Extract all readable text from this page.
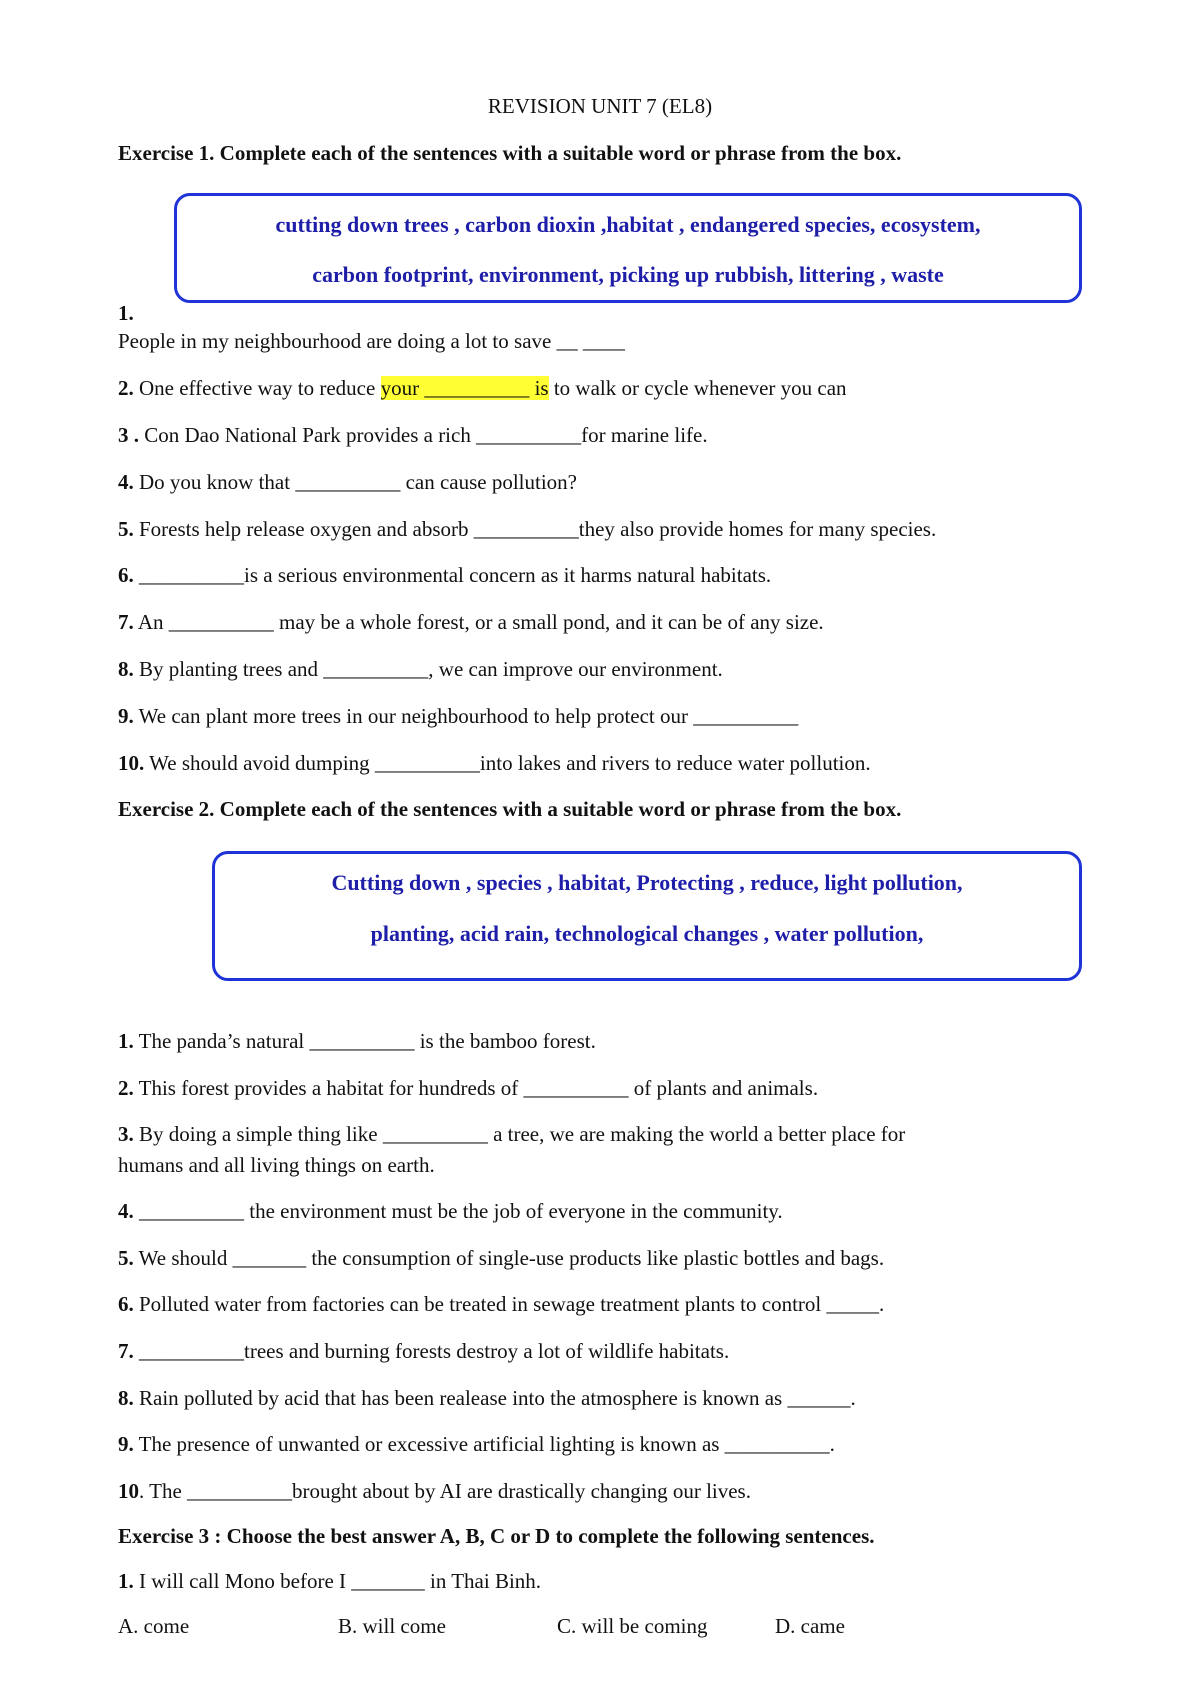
REVISION UNIT 7 (EL8)
Exercise 1. Complete each of the sentences with a suitable word or phrase from the box.
cutting down trees , carbon dioxin ,habitat , endangered species, ecosystem,
carbon footprint, environment, picking up rubbish, littering , waste
1.
People in my neighbourhood are doing a lot to save __ ____
2. One effective way to reduce your __________ is to walk or cycle whenever you can
3 . Con Dao National Park provides a rich __________for marine life.
4. Do you know that __________ can cause pollution?
5. Forests help release oxygen and absorb __________they also provide homes for many species.
6. __________is a serious environmental concern as it harms natural habitats.
7. An __________ may be a whole forest, or a small pond, and it can be of any size.
8. By planting trees and __________, we can improve our environment.
9. We can plant more trees in our neighbourhood to help protect our __________
10. We should avoid dumping __________into lakes and rivers to reduce water pollution.
Exercise 2. Complete each of the sentences with a suitable word or phrase from the box.
Cutting down , species , habitat, Protecting , reduce, light pollution,
planting, acid rain, technological changes , water pollution,
1. The panda’s natural __________ is the bamboo forest.
2. This forest provides a habitat for hundreds of __________ of plants and animals.
3. By doing a simple thing like __________ a tree, we are making the world a better place for
humans and all living things on earth.
4. __________ the environment must be the job of everyone in the community.
5. We should _______ the consumption of single-use products like plastic bottles and bags.
6. Polluted water from factories can be treated in sewage treatment plants to control _____.
7. __________trees and burning forests destroy a lot of wildlife habitats.
8. Rain polluted by acid that has been realease into the atmosphere is known as ______.
9. The presence of unwanted or excessive artificial lighting is known as __________.
10. The __________brought about by AI are drastically changing our lives.
Exercise 3 : Choose the best answer A, B, C or D to complete the following sentences.
1. I will call Mono before I _______ in Thai Binh.
A. come	B. will come	C. will be coming	D. came
